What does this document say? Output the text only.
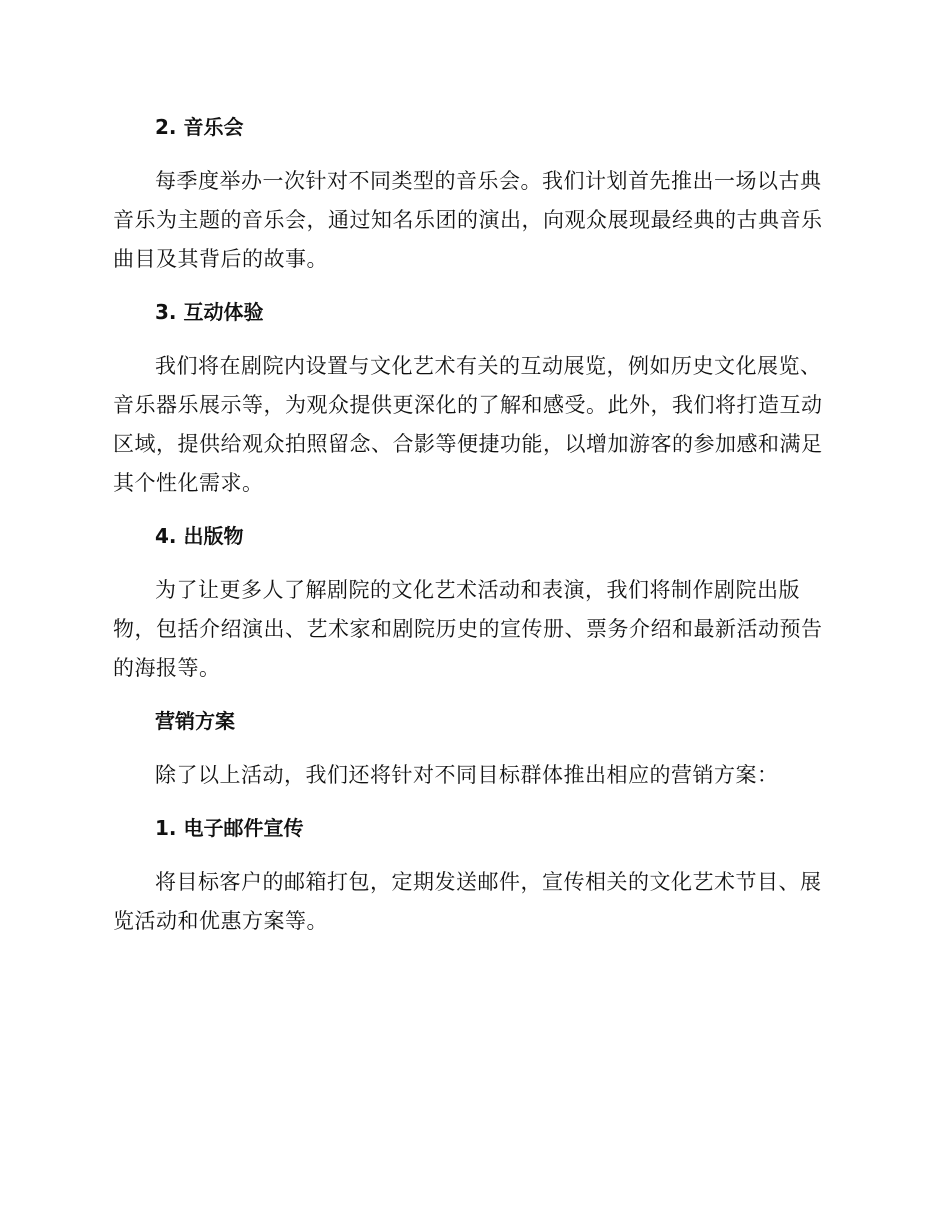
2. 音乐会

每季度举办一次针对不同类型的音乐会。我们计划首先推出一场以古典音乐为主题的音乐会，通过知名乐团的演出，向观众展现最经典的古典音乐曲目及其背后的故事。

3. 互动体验

我们将在剧院内设置与文化艺术有关的互动展览，例如历史文化展览、音乐器乐展示等，为观众提供更深化的了解和感受。此外，我们将打造互动区域，提供给观众拍照留念、合影等便捷功能，以增加游客的参加感和满足其个性化需求。

4. 出版物

为了让更多人了解剧院的文化艺术活动和表演，我们将制作剧院出版物，包括介绍演出、艺术家和剧院历史的宣传册、票务介绍和最新活动预告的海报等。

营销方案

除了以上活动，我们还将针对不同目标群体推出相应的营销方案：

1. 电子邮件宣传

将目标客户的邮箱打包，定期发送邮件，宣传相关的文化艺术节目、展览活动和优惠方案等。
